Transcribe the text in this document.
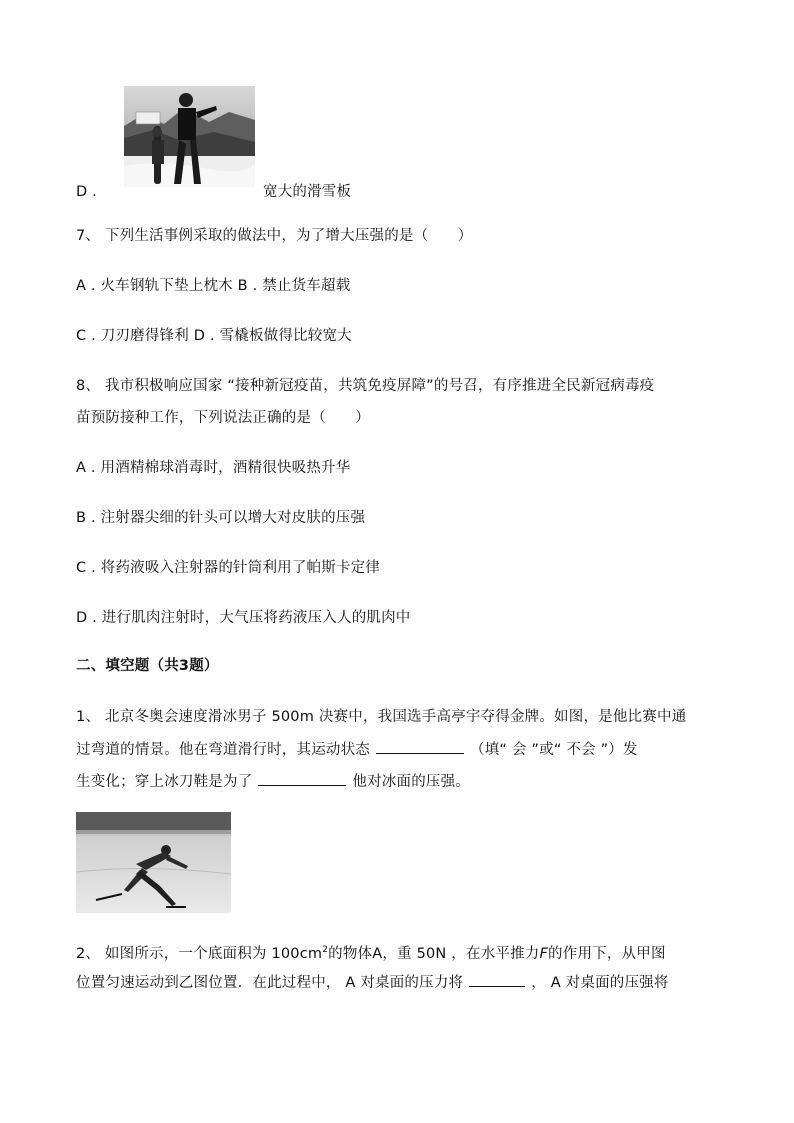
D .	宽大的滑雪板
7、 下列生活事例采取的做法中，为了增大压强的是（　　）
A . 火车钢轨下垫上枕木 B . 禁止货车超载
C . 刀刃磨得锋利 D . 雪橇板做得比较宽大
8、 我市积极响应国家 “接种新冠疫苗，共筑免疫屏障”的号召，有序推进全民新冠病毒疫
苗预防接种工作，下列说法正确的是（　　）
A . 用酒精棉球消毒时，酒精很快吸热升华
B . 注射器尖细的针头可以增大对皮肤的压强
C . 将药液吸入注射器的针筒利用了帕斯卡定律
D . 进行肌肉注射时，大气压将药液压入人的肌肉中
二、填空题（共3题）
1、 北京冬奥会速度滑冰男子 500m 决赛中，我国选手高亭宇夺得金牌。如图，是他比赛中通
过弯道的情景。他在弯道滑行时，其运动状态	（填“ 会 ”或“ 不会 ”）发
生变化；穿上冰刀鞋是为了	他对冰面的压强。
2、 如图所示，一个底面积为 $100cm^2$的物体A，重 50N ，在水平推力F的作用下，从甲图
位置匀速运动到乙图位置．在此过程中， A 对桌面的压力将	， A 对桌面的压强将
